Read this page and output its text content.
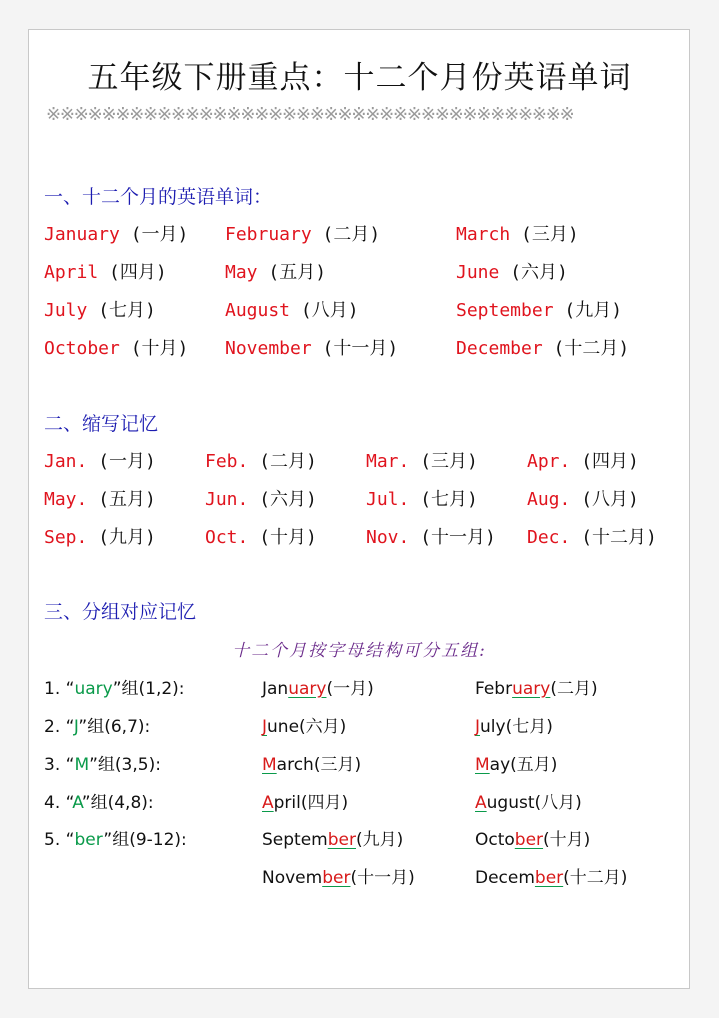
五年级下册重点：十二个月份英语单词
※※※※※※※※※※※※※※※※※※※※※※※※※※※※※※※※※※※※※※
一、十二个月的英语单词：
January (一月) February (二月)	March (三月)
April (四月)	May (五月)	June (六月)
July (七月)	August (八月)	September (九月)
October (十月) November (十一月)	December (十二月)
二、缩写记忆
Jan. (一月)	Feb. (二月)	Mar. (三月)	Apr. (四月)
May. (五月)	Jun. (六月)	Jul. (七月)	Aug. (八月)
Sep. (九月)	Oct. (十月)	Nov. (十一月) Dec. (十二月)
三、分组对应记忆
十二个月按字母结构可分五组:
1. “uary”组(1,2):	January(一月)	February(二月)
2. “J”组(6,7):	June(六月)	July(七月)
3. “M”组(3,5):	March(三月)	May(五月)
4. “A”组(4,8):	April(四月)	August(八月)
5. “ber”组(9-12):	September(九月)	October(十月)
November(十一月)	December(十二月)
